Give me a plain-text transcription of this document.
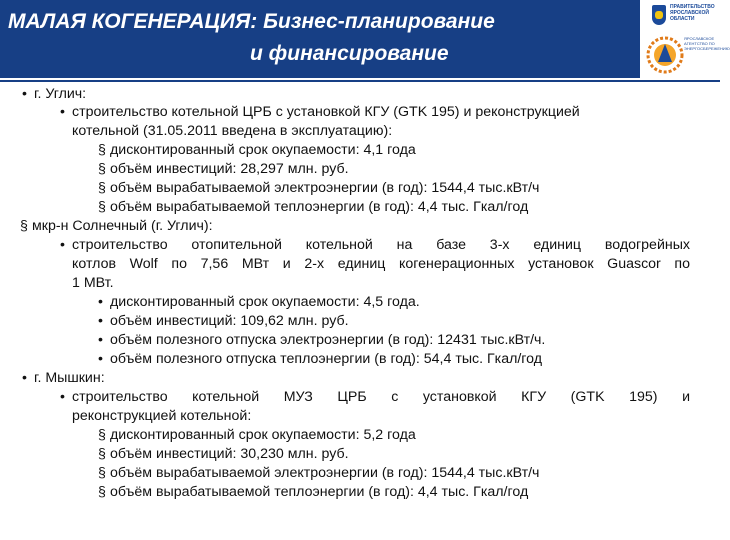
МАЛАЯ КОГЕНЕРАЦИЯ: Бизнес-планирование
и финансирование
ПРАВИТЕЛЬСТВО ЯРОСЛАВСКОЙ ОБЛАСТИ
ЯРОСЛАВСКОЕ АГЕНТСТВО ПО ЭНЕРГОСБЕРЕЖЕНИЮ
• г. Углич:
• строительство котельной ЦРБ с установкой КГУ (GTK 195) и реконструкцией
котельной (31.05.2011 введена в эксплуатацию):
§ дисконтированный срок окупаемости: 4,1 года
§ объём инвестиций: 28,297 млн. руб.
§ объём вырабатываемой электроэнергии (в год): 1544,4 тыс.кВт/ч
§ объём вырабатываемой теплоэнергии (в год): 4,4 тыс. Гкал/год
§ мкр-н Солнечный (г. Углич):
• строительство отопительной котельной на базе 3-х единиц водогрейных
котлов Wolf по 7,56 МВт и 2-х единиц когенерационных установок Guascor по
1 МВт.
• дисконтированный срок окупаемости: 4,5 года.
• объём инвестиций: 109,62 млн. руб.
• объём полезного отпуска электроэнергии (в год): 12431 тыс.кВт/ч.
• объём полезного отпуска теплоэнергии (в год): 54,4 тыс. Гкал/год
• г. Мышкин:
• строительство котельной МУЗ ЦРБ с установкой КГУ (GTK 195) и
реконструкцией котельной:
§ дисконтированный срок окупаемости: 5,2 года
§ объём инвестиций: 30,230 млн. руб.
§ объём вырабатываемой электроэнергии (в год): 1544,4 тыс.кВт/ч
§ объём вырабатываемой теплоэнергии (в год): 4,4 тыс. Гкал/год
